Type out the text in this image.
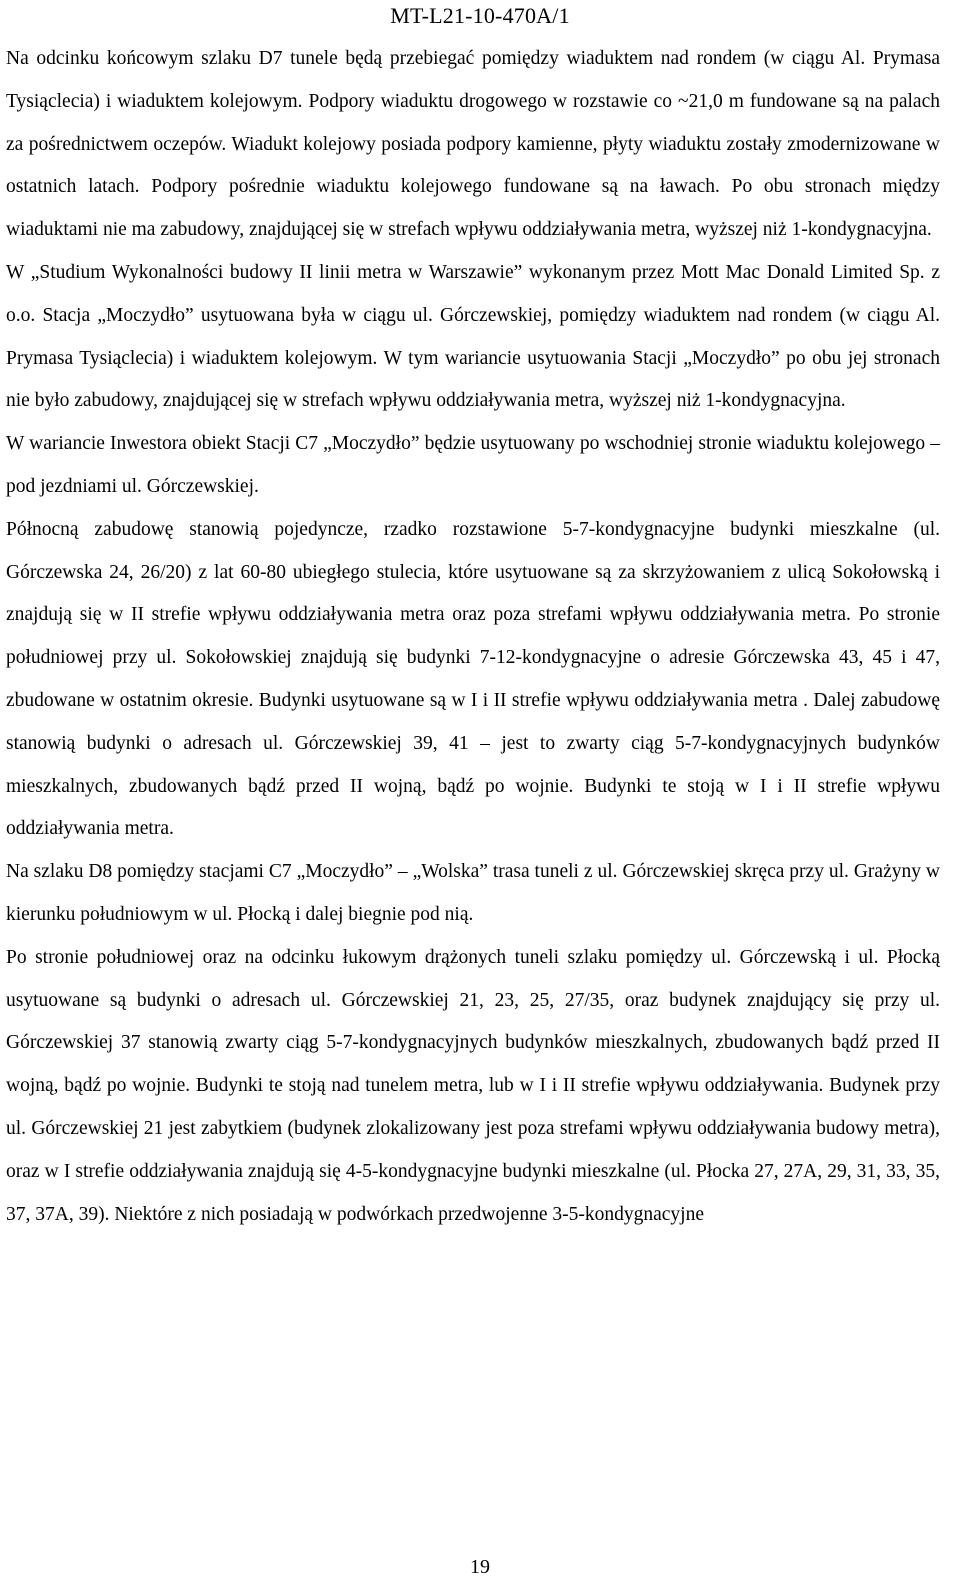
MT-L21-10-470A/1

Na odcinku końcowym szlaku D7 tunele będą przebiegać pomiędzy wiaduktem nad rondem (w ciągu Al. Prymasa Tysiąclecia) i wiaduktem kolejowym. Podpory wiaduktu drogowego w rozstawie co ~21,0 m fundowane są na palach za pośrednictwem oczepów. Wiadukt kolejowy posiada podpory kamienne, płyty wiaduktu zostały zmodernizowane w ostatnich latach. Podpory pośrednie wiaduktu kolejowego fundowane są na ławach. Po obu stronach między wiaduktami nie ma zabudowy, znajdującej się w strefach wpływu oddziaływania metra, wyższej niż 1-kondygnacyjna.

W „Studium Wykonalności budowy II linii metra w Warszawie” wykonanym przez Mott Mac Donald Limited Sp. z o.o. Stacja „Moczydło” usytuowana była w ciągu ul. Górczewskiej, pomiędzy wiaduktem nad rondem (w ciągu Al. Prymasa Tysiąclecia) i wiaduktem kolejowym. W tym wariancie usytuowania Stacji „Moczydło” po obu jej stronach nie było zabudowy, znajdującej się w strefach wpływu oddziaływania metra, wyższej niż 1-kondygnacyjna.

W wariancie Inwestora obiekt Stacji C7 „Moczydło” będzie usytuowany po wschodniej stronie wiaduktu kolejowego – pod jezdniami ul. Górczewskiej.

Północną zabudowę stanowią pojedyncze, rzadko rozstawione 5-7-kondygnacyjne budynki mieszkalne (ul. Górczewska 24, 26/20) z lat 60-80 ubiegłego stulecia, które usytuowane są za skrzyżowaniem z ulicą Sokołowską i znajdują się w II strefie wpływu oddziaływania metra oraz poza strefami wpływu oddziaływania metra. Po stronie południowej przy ul. Sokołowskiej znajdują się budynki 7-12-kondygnacyjne o adresie Górczewska 43, 45 i 47, zbudowane w ostatnim okresie. Budynki usytuowane są w I i II strefie wpływu oddziaływania metra . Dalej zabudowę stanowią budynki o adresach ul. Górczewskiej 39, 41 – jest to zwarty ciąg 5-7-kondygnacyjnych budynków mieszkalnych, zbudowanych bądź przed II wojną, bądź po wojnie. Budynki te stoją w I i II strefie wpływu oddziaływania metra.

Na szlaku D8 pomiędzy stacjami C7 „Moczydło” – „Wolska” trasa tuneli z ul. Górczewskiej skręca przy ul. Grażyny w kierunku południowym w ul. Płocką i dalej biegnie pod nią.

Po stronie południowej oraz na odcinku łukowym drążonych tuneli szlaku pomiędzy ul. Górczewską i ul. Płocką usytuowane są budynki o adresach ul. Górczewskiej 21, 23, 25, 27/35, oraz budynek znajdujący się przy ul. Górczewskiej 37 stanowią zwarty ciąg 5-7-kondygnacyjnych budynków mieszkalnych, zbudowanych bądź przed II wojną, bądź po wojnie. Budynki te stoją nad tunelem metra, lub w I i II strefie wpływu oddziaływania. Budynek przy ul. Górczewskiej 21 jest zabytkiem (budynek zlokalizowany jest poza strefami wpływu oddziaływania budowy metra), oraz w I strefie oddziaływania znajdują się 4-5-kondygnacyjne budynki mieszkalne (ul. Płocka 27, 27A, 29, 31, 33, 35, 37, 37A, 39). Niektóre z nich posiadają w podwórkach przedwojenne 3-5-kondygnacyjne

19
